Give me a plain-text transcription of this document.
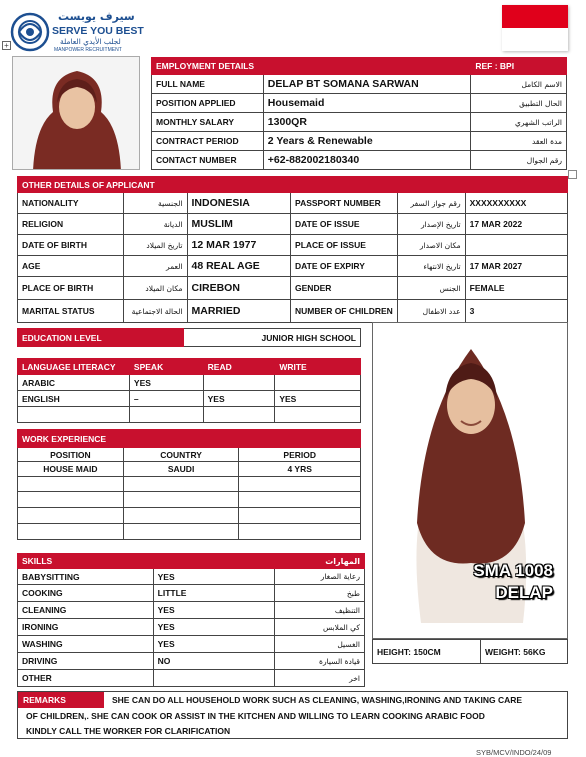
سيرف يوبست
SERVE YOU BEST
لجلب الأيدي العاملة
MANPOWER RECRUITMENT
+
EMPLOYMENT DETAILS		REF : BPI
FULL NAME	DELAP BT SOMANA SARWAN	الاسم الكامل
POSITION APPLIED	Housemaid	الحال التطبيق
MONTHLY SALARY	1300QR	الراتب الشهري
CONTRACT PERIOD	2 Years & Renewable	مدة العقد
CONTACT NUMBER	+62-882002180340	رقم الجوال
OTHER DETAILS OF APPLICANT					
NATIONALITY	الجنسية	INDONESIA	PASSPORT NUMBER	رقم جواز السفر	XXXXXXXXXX
RELIGION	الديانة	MUSLIM	DATE OF ISSUE	تاريخ الإصدار	17 MAR 2022
DATE OF BIRTH	تاريخ الميلاد	12 MAR 1977	PLACE OF ISSUE	مكان الاصدار	
AGE	العمر	48 REAL AGE	DATE OF EXPIRY	تاريخ الانتهاء	17 MAR 2027
PLACE OF BIRTH	مكان الميلاد	CIREBON	GENDER	الجنس	FEMALE
MARITAL STATUS	الحالة الاجتماعية	MARRIED	NUMBER OF CHILDREN	عدد الاطفال	3
EDUCATION LEVEL	JUNIOR HIGH SCHOOL
LANGUAGE LITERACY	SPEAK	READ	WRITE
ARABIC	YES		
ENGLISH	–	YES	YES

WORK EXPERIENCE		
POSITION	COUNTRY	PERIOD
HOUSE MAID	SAUDI	4 YRS

SKILLS		المهارات
BABYSITTING	YES	رعاية الصغار
COOKING	LITTLE	طبخ
CLEANING	YES	التنظيف
IRONING	YES	كي الملابس
WASHING	YES	الغسيل
DRIVING	NO	قيادة السيارة
OTHER		اخر
SMA 1008
DELAP
HEIGHT: 150CM	WEIGHT: 56KG
REMARKS	SHE CAN DO ALL HOUSEHOLD WORK SUCH AS CLEANING, WASHING,IRONING AND TAKING CARE
OF CHILDREN,. SHE CAN COOK OR ASSIST IN THE KITCHEN AND WILLING TO LEARN COOKING ARABIC FOOD
KINDLY CALL THE WORKER FOR CLARIFICATION
SYB/MCV/INDO/24/09
